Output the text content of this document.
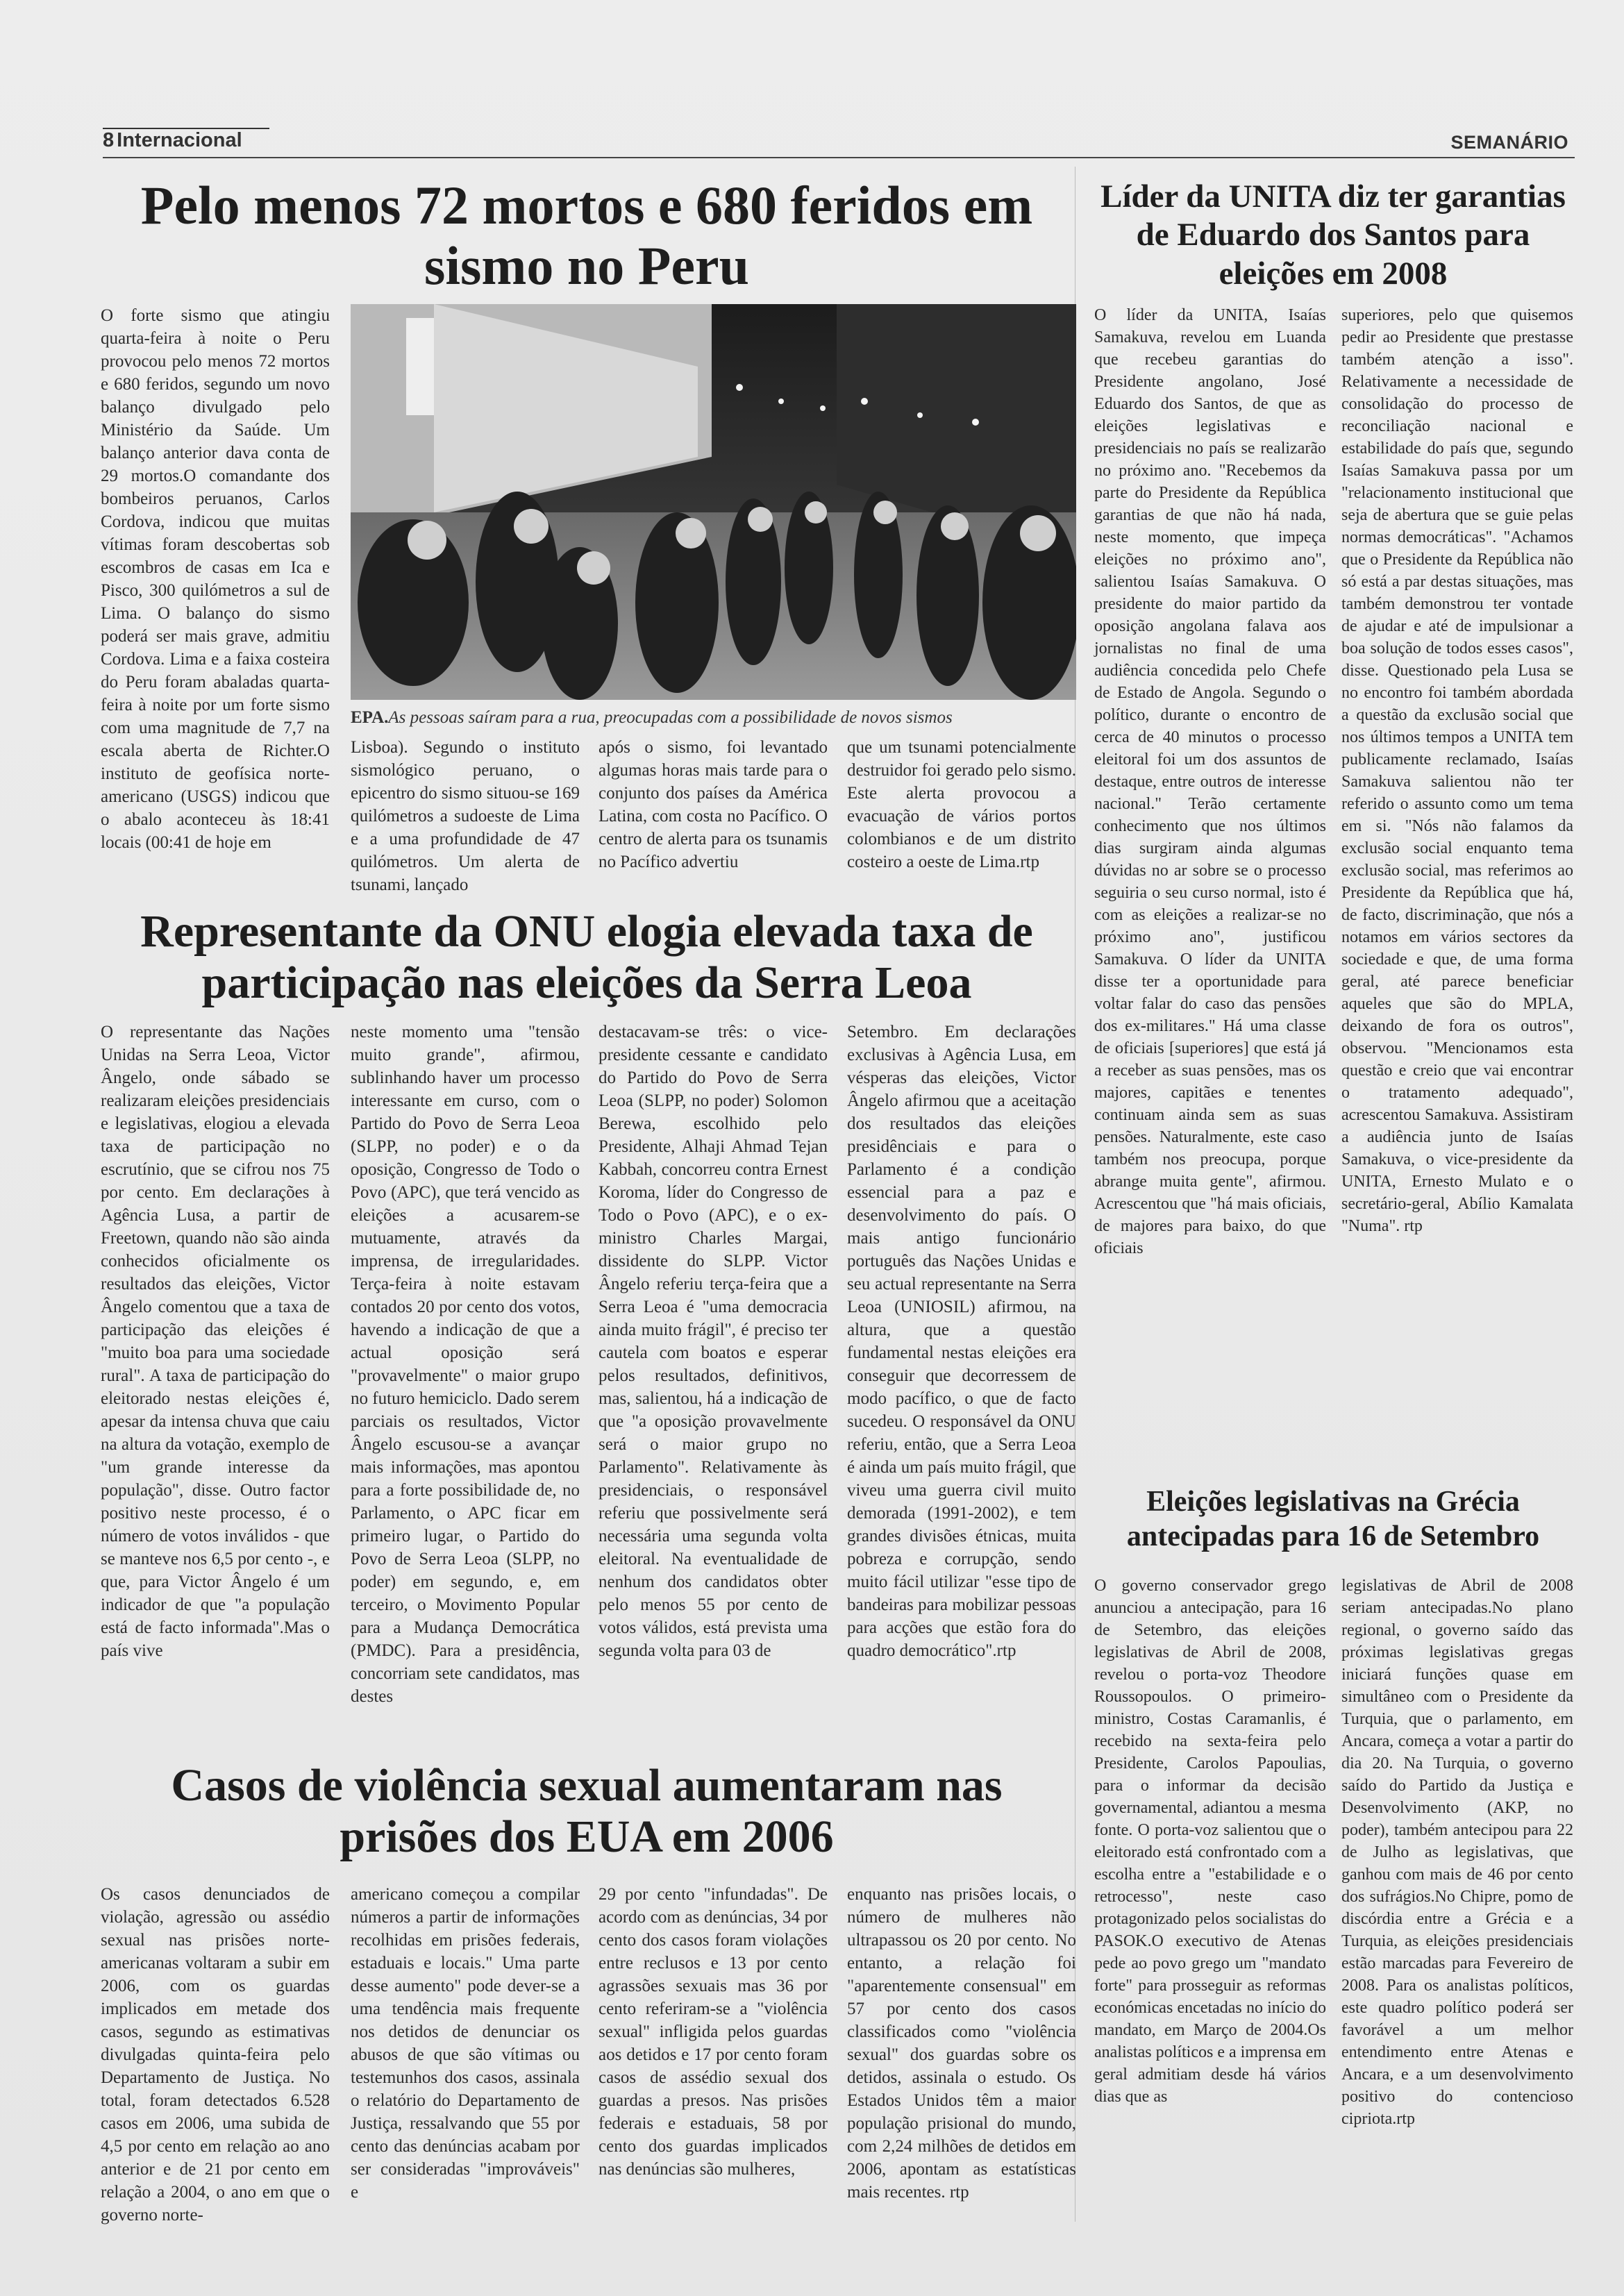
8 Internacional	SEMANÁRIO
Pelo menos 72 mortos e 680 feridos em sismo no Peru

O forte sismo que atingiu quarta-feira à noite o Peru provocou pelo menos 72 mortos e 680 feridos, segundo um novo balanço divulgado pelo Ministério da Saúde. Um balanço anterior dava conta de 29 mortos.O comandante dos bombeiros peruanos, Carlos Cordova, indicou que muitas vítimas foram descobertas sob escombros de casas em Ica e Pisco, 300 quilómetros a sul de Lima. O balanço do sismo poderá ser mais grave, admitiu Cordova. Lima e a faixa costeira do Peru foram abaladas quarta-feira à noite por um forte sismo com uma magnitude de 7,7 na escala aberta de Richter.O instituto de geofísica norte-americano (USGS) indicou que o abalo aconteceu às 18:41 locais (00:41 de hoje em

EPA.As pessoas saíram para a rua, preocupadas com a possibilidade de novos sismos

Lisboa). Segundo o instituto sismológico peruano, o epicentro do sismo situou-se 169 quilómetros a sudoeste de Lima e a uma profundidade de 47 quilómetros. Um alerta de tsunami, lançado

após o sismo, foi levantado algumas horas mais tarde para o conjunto dos países da América Latina, com costa no Pacífico. O centro de alerta para os tsunamis no Pacífico advertiu

que um tsunami potencialmente destruidor foi gerado pelo sismo. Este alerta provocou a evacuação de vários portos colombianos e de um distrito costeiro a oeste de Lima.rtp

Representante da ONU elogia elevada taxa de participação nas eleições da Serra Leoa

O representante das Nações Unidas na Serra Leoa, Victor Ângelo, onde sábado se realizaram eleições presidenciais e legislativas, elogiou a elevada taxa de participação no escrutínio, que se cifrou nos 75 por cento. Em declarações à Agência Lusa, a partir de Freetown, quando não são ainda conhecidos oficialmente os resultados das eleições, Victor Ângelo comentou que a taxa de participação das eleições é "muito boa para uma sociedade rural". A taxa de participação do eleitorado nestas eleições é, apesar da intensa chuva que caiu na altura da votação, exemplo de "um grande interesse da população", disse. Outro factor positivo neste processo, é o número de votos inválidos - que se manteve nos 6,5 por cento -, e que, para Victor Ângelo é um indicador de que "a população está de facto informada".Mas o país vive

neste momento uma "tensão muito grande", afirmou, sublinhando haver um processo interessante em curso, com o Partido do Povo de Serra Leoa (SLPP, no poder) e o da oposição, Congresso de Todo o Povo (APC), que terá vencido as eleições a acusarem-se mutuamente, através da imprensa, de irregularidades. Terça-feira à noite estavam contados 20 por cento dos votos, havendo a indicação de que a actual oposição será "provavelmente" o maior grupo no futuro hemiciclo. Dado serem parciais os resultados, Victor Ângelo escusou-se a avançar mais informações, mas apontou para a forte possibilidade de, no Parlamento, o APC ficar em primeiro lugar, o Partido do Povo de Serra Leoa (SLPP, no poder) em segundo, e, em terceiro, o Movimento Popular para a Mudança Democrática (PMDC). Para a presidência, concorriam sete candidatos, mas destes

destacavam-se três: o vice-presidente cessante e candidato do Partido do Povo de Serra Leoa (SLPP, no poder) Solomon Berewa, escolhido pelo Presidente, Alhaji Ahmad Tejan Kabbah, concorreu contra Ernest Koroma, líder do Congresso de Todo o Povo (APC), e o ex-ministro Charles Margai, dissidente do SLPP. Victor Ângelo referiu terça-feira que a Serra Leoa é "uma democracia ainda muito frágil", é preciso ter cautela com boatos e esperar pelos resultados, definitivos, mas, salientou, há a indicação de que "a oposição provavelmente será o maior grupo no Parlamento". Relativamente às presidenciais, o responsável referiu que possivelmente será necessária uma segunda volta eleitoral. Na eventualidade de nenhum dos candidatos obter pelo menos 55 por cento de votos válidos, está prevista uma segunda volta para 03 de

Setembro. Em declarações exclusivas à Agência Lusa, em vésperas das eleições, Victor Ângelo afirmou que a aceitação dos resultados das eleições presidênciais e para o Parlamento é a condição essencial para a paz e desenvolvimento do país. O mais antigo funcionário português das Nações Unidas e seu actual representante na Serra Leoa (UNIOSIL) afirmou, na altura, que a questão fundamental nestas eleições era conseguir que decorressem de modo pacífico, o que de facto sucedeu. O responsável da ONU referiu, então, que a Serra Leoa é ainda um país muito frágil, que viveu uma guerra civil muito demorada (1991-2002), e tem grandes divisões étnicas, muita pobreza e corrupção, sendo muito fácil utilizar "esse tipo de bandeiras para mobilizar pessoas para acções que estão fora do quadro democrático".rtp

Casos de violência sexual aumentaram nas prisões dos EUA em 2006

Os casos denunciados de violação, agressão ou assédio sexual nas prisões norte-americanas voltaram a subir em 2006, com os guardas implicados em metade dos casos, segundo as estimativas divulgadas quinta-feira pelo Departamento de Justiça. No total, foram detectados 6.528 casos em 2006, uma subida de 4,5 por cento em relação ao ano anterior e de 21 por cento em relação a 2004, o ano em que o governo norte-

americano começou a compilar números a partir de informações recolhidas em prisões federais, estaduais e locais." Uma parte desse aumento" pode dever-se a uma tendência mais frequente nos detidos de denunciar os abusos de que são vítimas ou testemunhos dos casos, assinala o relatório do Departamento de Justiça, ressalvando que 55 por cento das denúncias acabam por ser consideradas "improváveis" e

29 por cento "infundadas". De acordo com as denúncias, 34 por cento dos casos foram violações entre reclusos e 13 por cento agrassões sexuais mas 36 por cento referiram-se a "violência sexual" infligida pelos guardas aos detidos e 17 por cento foram casos de assédio sexual dos guardas a presos. Nas prisões federais e estaduais, 58 por cento dos guardas implicados nas denúncias são mulheres,

enquanto nas prisões locais, o número de mulheres não ultrapassou os 20 por cento. No entanto, a relação foi "aparentemente consensual" em 57 por cento dos casos classificados como "violência sexual" dos guardas sobre os detidos, assinala o estudo. Os Estados Unidos têm a maior população prisional do mundo, com 2,24 milhões de detidos em 2006, apontam as estatísticas mais recentes. rtp

Líder da UNITA diz ter garantias de Eduardo dos Santos para eleições em 2008

O líder da UNITA, Isaías Samakuva, revelou em Luanda que recebeu garantias do Presidente angolano, José Eduardo dos Santos, de que as eleições legislativas e presidenciais no país se realizarão no próximo ano. "Recebemos da parte do Presidente da República garantias de que não há nada, neste momento, que impeça eleições no próximo ano", salientou Isaías Samakuva. O presidente do maior partido da oposição angolana falava aos jornalistas no final de uma audiência concedida pelo Chefe de Estado de Angola. Segundo o político, durante o encontro de cerca de 40 minutos o processo eleitoral foi um dos assuntos de destaque, entre outros de interesse nacional." Terão certamente conhecimento que nos últimos dias surgiram ainda algumas dúvidas no ar sobre se o processo seguiria o seu curso normal, isto é com as eleições a realizar-se no próximo ano", justificou Samakuva. O líder da UNITA disse ter a oportunidade para voltar falar do caso das pensões dos ex-militares." Há uma classe de oficiais [superiores] que está já a receber as suas pensões, mas os majores, capitães e tenentes continuam ainda sem as suas pensões. Naturalmente, este caso também nos preocupa, porque abrange muita gente", afirmou. Acrescentou que "há mais oficiais, de majores para baixo, do que oficiais

superiores, pelo que quisemos pedir ao Presidente que prestasse também atenção a isso". Relativamente a necessidade de consolidação do processo de reconciliação nacional e estabilidade do país que, segundo Isaías Samakuva passa por um "relacionamento institucional que seja de abertura que se guie pelas normas democráticas". "Achamos que o Presidente da República não só está a par destas situações, mas também demonstrou ter vontade de ajudar e até de impulsionar a boa solução de todos esses casos", disse. Questionado pela Lusa se no encontro foi também abordada a questão da exclusão social que nos últimos tempos a UNITA tem publicamente reclamado, Isaías Samakuva salientou não ter referido o assunto como um tema em si. "Nós não falamos da exclusão social enquanto tema exclusão social, mas referimos ao Presidente da República que há, de facto, discriminação, que nós a notamos em vários sectores da sociedade e que, de uma forma geral, até parece beneficiar aqueles que são do MPLA, deixando de fora os outros", observou. "Mencionamos esta questão e creio que vai encontrar o tratamento adequado", acrescentou Samakuva. Assistiram a audiência junto de Isaías Samakuva, o vice-presidente da UNITA, Ernesto Mulato e o secretário-geral, Abílio Kamalata "Numa". rtp

Eleições legislativas na Grécia antecipadas para 16 de Setembro

O governo conservador grego anunciou a antecipação, para 16 de Setembro, das eleições legislativas de Abril de 2008, revelou o porta-voz Theodore Roussopoulos. O primeiro-ministro, Costas Caramanlis, é recebido na sexta-feira pelo Presidente, Carolos Papoulias, para o informar da decisão governamental, adiantou a mesma fonte. O porta-voz salientou que o eleitorado está confrontado com a escolha entre a "estabilidade e o retrocesso", neste caso protagonizado pelos socialistas do PASOK.O executivo de Atenas pede ao povo grego um "mandato forte" para prosseguir as reformas económicas encetadas no início do mandato, em Março de 2004.Os analistas políticos e a imprensa em geral admitiam desde há vários dias que as

legislativas de Abril de 2008 seriam antecipadas.No plano regional, o governo saído das próximas legislativas gregas iniciará funções quase em simultâneo com o Presidente da Turquia, que o parlamento, em Ancara, começa a votar a partir do dia 20. Na Turquia, o governo saído do Partido da Justiça e Desenvolvimento (AKP, no poder), também antecipou para 22 de Julho as legislativas, que ganhou com mais de 46 por cento dos sufrágios.No Chipre, pomo de discórdia entre a Grécia e a Turquia, as eleições presidenciais estão marcadas para Fevereiro de 2008. Para os analistas políticos, este quadro político poderá ser favorável a um melhor entendimento entre Atenas e Ancara, e a um desenvolvimento positivo do contencioso cipriota.rtp
